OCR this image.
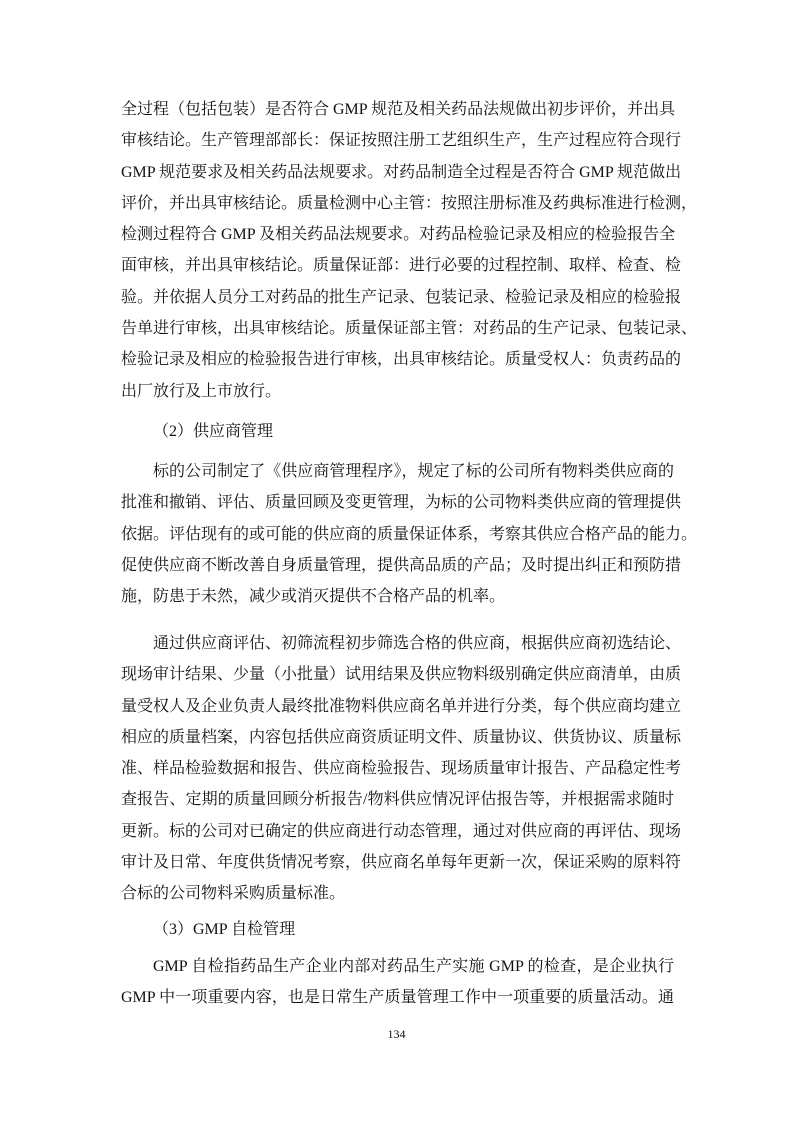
全过程（包括包装）是否符合 GMP 规范及相关药品法规做出初步评价，并出具
审核结论。生产管理部部长：保证按照注册工艺组织生产，生产过程应符合现行
GMP 规范要求及相关药品法规要求。对药品制造全过程是否符合 GMP 规范做出
评价，并出具审核结论。质量检测中心主管：按照注册标准及药典标准进行检测，
检测过程符合 GMP 及相关药品法规要求。对药品检验记录及相应的检验报告全
面审核，并出具审核结论。质量保证部：进行必要的过程控制、取样、检查、检
验。并依据人员分工对药品的批生产记录、包装记录、检验记录及相应的检验报
告单进行审核，出具审核结论。质量保证部主管：对药品的生产记录、包装记录、
检验记录及相应的检验报告进行审核，出具审核结论。质量受权人：负责药品的
出厂放行及上市放行。
（2）供应商管理
标的公司制定了《供应商管理程序》，规定了标的公司所有物料类供应商的
批准和撤销、评估、质量回顾及变更管理，为标的公司物料类供应商的管理提供
依据。评估现有的或可能的供应商的质量保证体系，考察其供应合格产品的能力。
促使供应商不断改善自身质量管理，提供高品质的产品；及时提出纠正和预防措
施，防患于未然，减少或消灭提供不合格产品的机率。
通过供应商评估、初筛流程初步筛选合格的供应商，根据供应商初选结论、
现场审计结果、少量（小批量）试用结果及供应物料级别确定供应商清单，由质
量受权人及企业负责人最终批准物料供应商名单并进行分类，每个供应商均建立
相应的质量档案，内容包括供应商资质证明文件、质量协议、供货协议、质量标
准、样品检验数据和报告、供应商检验报告、现场质量审计报告、产品稳定性考
查报告、定期的质量回顾分析报告/物料供应情况评估报告等，并根据需求随时
更新。标的公司对已确定的供应商进行动态管理，通过对供应商的再评估、现场
审计及日常、年度供货情况考察，供应商名单每年更新一次，保证采购的原料符
合标的公司物料采购质量标准。
（3）GMP 自检管理
GMP 自检指药品生产企业内部对药品生产实施 GMP 的检查，是企业执行
GMP 中一项重要内容，也是日常生产质量管理工作中一项重要的质量活动。通
134
